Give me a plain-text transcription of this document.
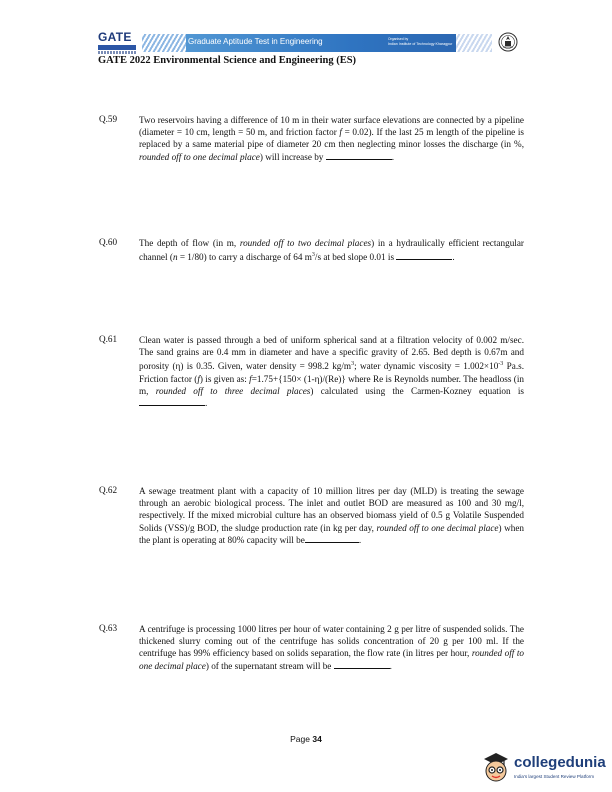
GATE	Graduate Aptitude Test in Engineering	Organised by
Indian Institute of Technology Kharagpur
GATE 2022 Environmental Science and Engineering (ES)
Q.59 Two reservoirs having a difference of 10 m in their water surface elevations are connected by a pipeline (diameter = 10 cm, length = 50 m, and friction factor f = 0.02). If the last 25 m length of the pipeline is replaced by a same material pipe of diameter 20 cm then neglecting minor losses the discharge (in %, rounded off to one decimal place) will increase by	.
Q.60 The depth of flow (in m, rounded off to two decimal places) in a hydraulically efficient rectangular channel (n = 1/80) to carry a discharge of 64 $m^3/s$ at bed slope 0.01 is	.
Q.61 Clean water is passed through a bed of uniform spherical sand at a filtration velocity of 0.002 m/sec. The sand grains are 0.4 mm in diameter and have a specific gravity of 2.65. Bed depth is 0.67m and porosity (η) is 0.35. Given, water density = 998.2 $kg/m^3$; water dynamic viscosity = $1.002\times 10^{-3}$ Pa.s. Friction factor (f) is given as: f=1.75+{150× (1-η)/(Re)} where Re is Reynolds number. The headloss (in m, rounded off to three decimal places) calculated using the Carmen-Kozney equation is .
Q.62 A sewage treatment plant with a capacity of 10 million litres per day (MLD) is treating the sewage through an aerobic biological process. The inlet and outlet BOD are measured as 100 and 30 mg/l, respectively. If the mixed microbial culture has an observed biomass yield of 0.5 g Volatile Suspended Solids (VSS)/g BOD, the sludge production rate (in kg per day, rounded off to one decimal place) when the plant is operating at 80% capacity will be	.
Q.63 A centrifuge is processing 1000 litres per hour of water containing 2 g per litre of suspended solids. The thickened slurry coming out of the centrifuge has solids concentration of 20 g per 100 ml. If the centrifuge has 99% efficiency based on solids separation, the flow rate (in litres per hour, rounded off to one decimal place) of the supernatant stream will be	.
Page 34
collegedunia
India's largest Student Review Platform
